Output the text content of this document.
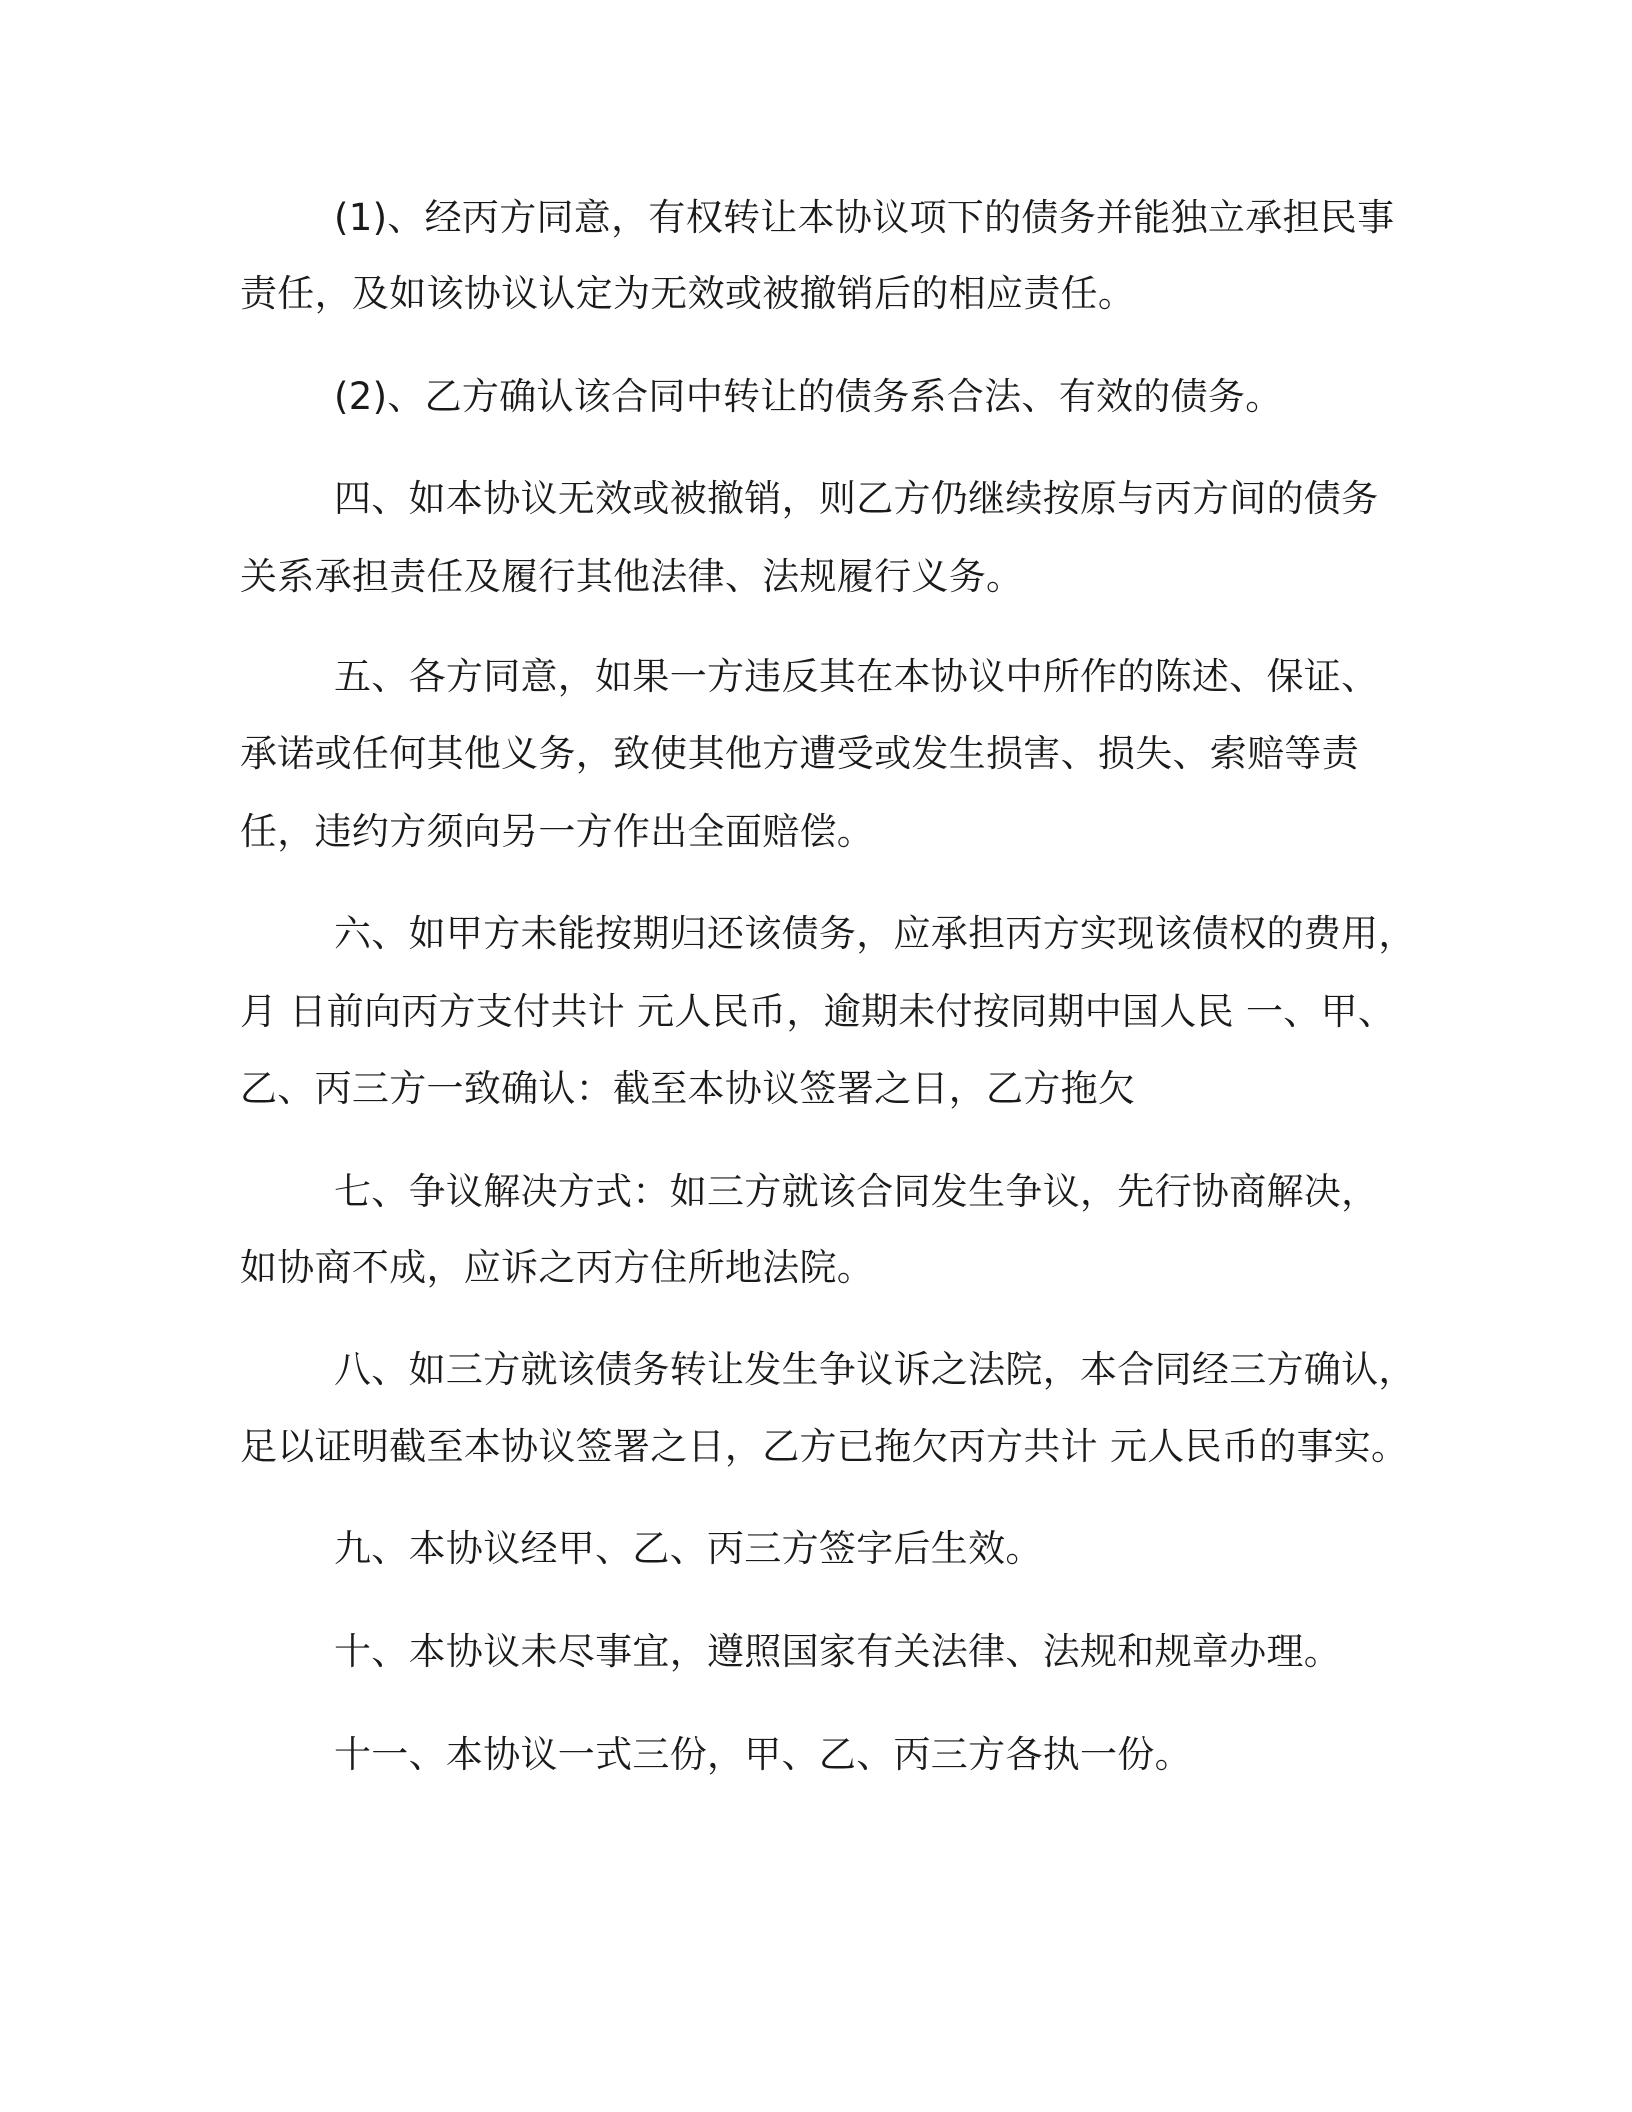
(1)、经丙方同意，有权转让本协议项下的债务并能独立承担民事

责任，及如该协议认定为无效或被撤销后的相应责任。

(2)、乙方确认该合同中转让的债务系合法、有效的债务。

四、如本协议无效或被撤销，则乙方仍继续按原与丙方间的债务

关系承担责任及履行其他法律、法规履行义务。

五、各方同意，如果一方违反其在本协议中所作的陈述、保证、

承诺或任何其他义务，致使其他方遭受或发生损害、损失、索赔等责

任，违约方须向另一方作出全面赔偿。

六、如甲方未能按期归还该债务，应承担丙方实现该债权的费用，

月 日前向丙方支付共计 元人民币，逾期未付按同期中国人民 一、甲、

乙、丙三方一致确认：截至本协议签署之日，乙方拖欠

七、争议解决方式：如三方就该合同发生争议，先行协商解决，

如协商不成，应诉之丙方住所地法院。

八、如三方就该债务转让发生争议诉之法院，本合同经三方确认，

足以证明截至本协议签署之日，乙方已拖欠丙方共计 元人民币的事实。

九、本协议经甲、乙、丙三方签字后生效。

十、本协议未尽事宜，遵照国家有关法律、法规和规章办理。

十一、本协议一式三份，甲、乙、丙三方各执一份。
